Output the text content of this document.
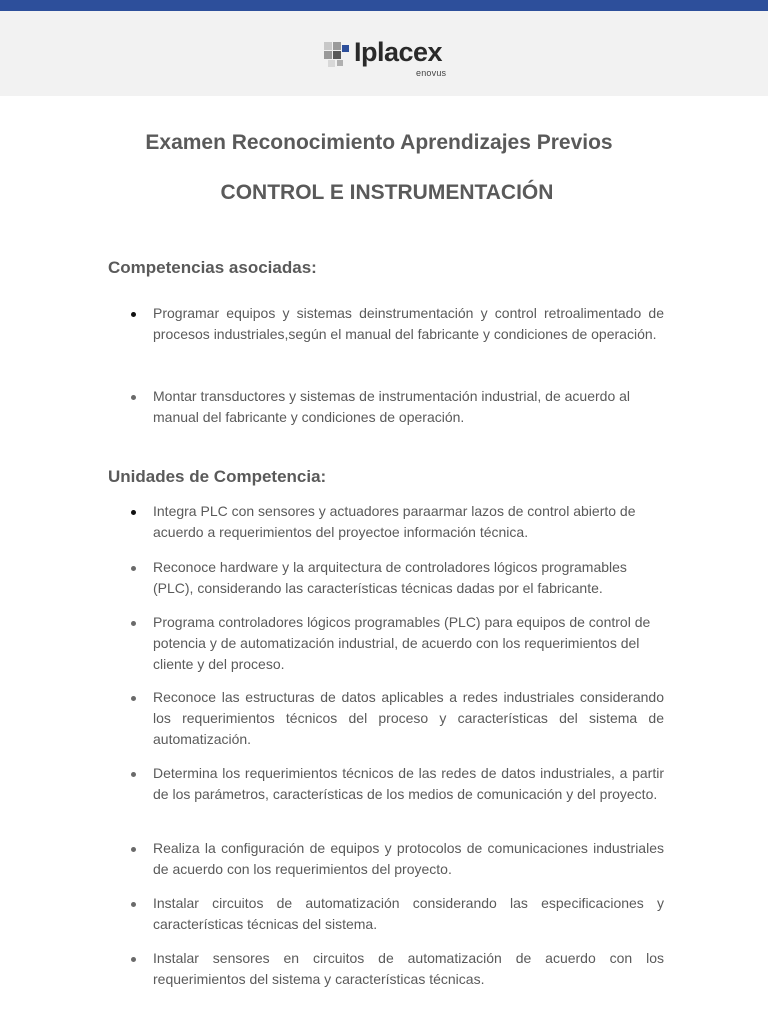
Iplacex
enovus
Examen Reconocimiento Aprendizajes Previos
CONTROL E INSTRUMENTACIÓN
Competencias asociadas:
Programar equipos y sistemas deinstrumentación y control retroalimentado de procesos industriales,según el manual del fabricante y condiciones de operación.
Montar transductores y sistemas de instrumentación industrial, de acuerdo al manual del fabricante y condiciones de operación.
Unidades de Competencia:
Integra PLC con sensores y actuadores paraarmar lazos de control abierto de acuerdo a requerimientos del proyectoe información técnica.
Reconoce hardware y la arquitectura de controladores lógicos programables (PLC), considerando las características técnicas dadas por el fabricante.
Programa controladores lógicos programables (PLC) para equipos de control de potencia y de automatización industrial, de acuerdo con los requerimientos del cliente y del proceso.
Reconoce las estructuras de datos aplicables a redes industriales considerando los requerimientos técnicos del proceso y características del sistema de automatización.
Determina los requerimientos técnicos de las redes de datos industriales, a partir de los parámetros, características de los medios de comunicación y del proyecto.
Realiza la configuración de equipos y protocolos de comunicaciones industriales de acuerdo con los requerimientos del proyecto.
Instalar circuitos de automatización considerando las especificaciones y características técnicas del sistema.
Instalar sensores en circuitos de automatización de acuerdo con los requerimientos del sistema y características técnicas.
